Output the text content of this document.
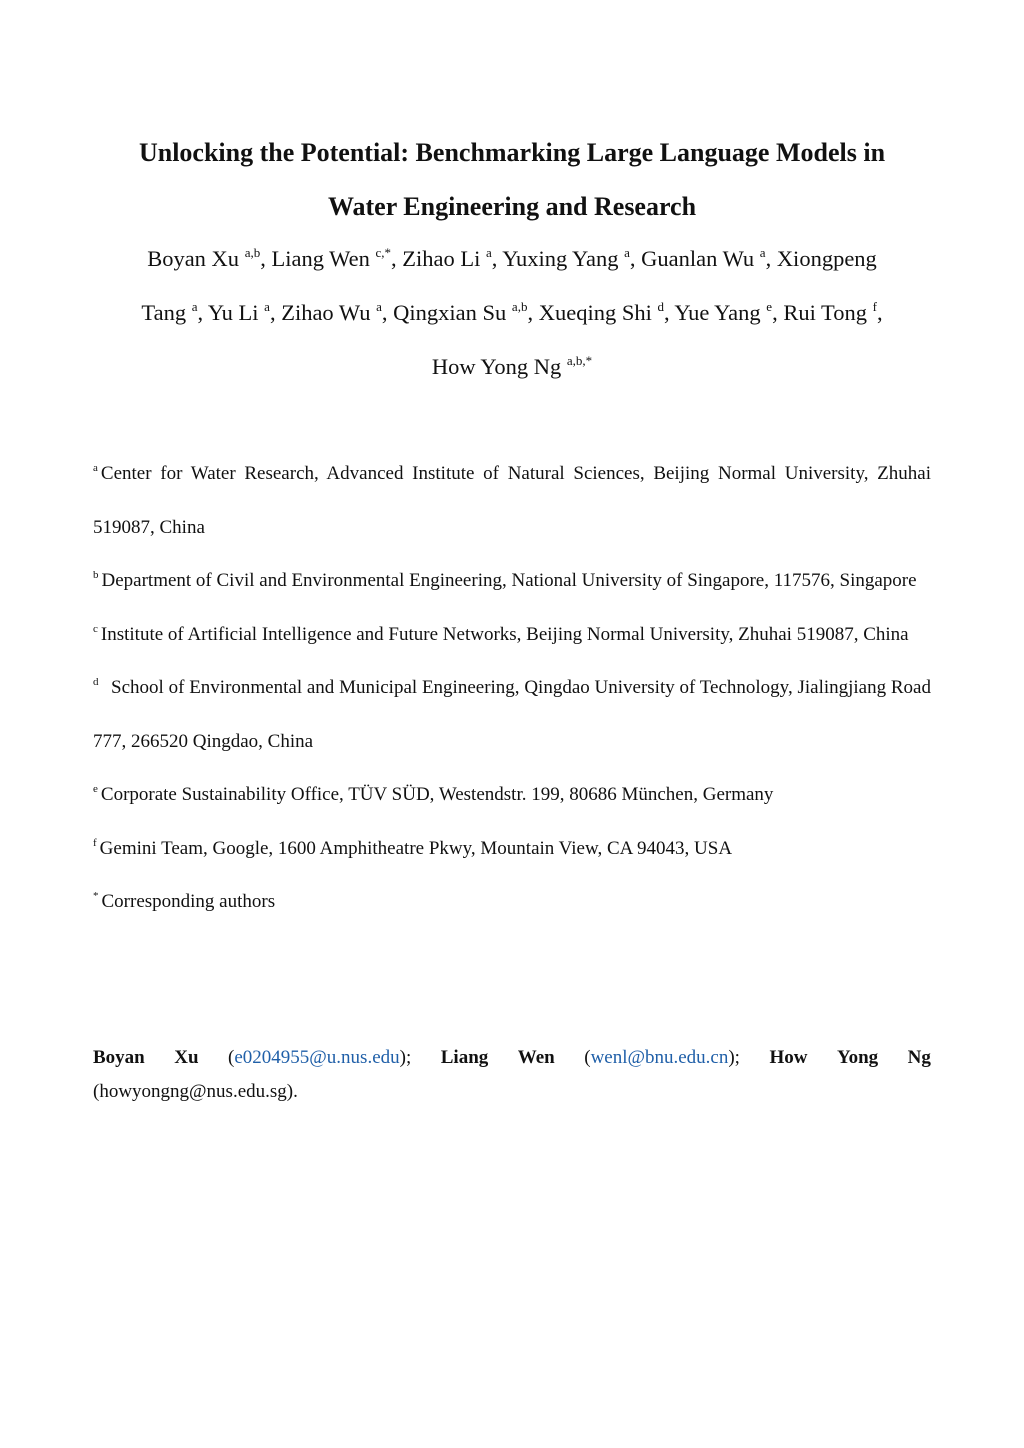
Unlocking the Potential: Benchmarking Large Language Models in
Water Engineering and Research

Boyan Xu $^{a,b}$, Liang Wen $^{c,*}$, Zihao Li $^a$, Yuxing Yang $^a$, Guanlan Wu $^a$, Xiongpeng
Tang $^a$, Yu Li $^a$, Zihao Wu $^a$, Qingxian Su $^{a,b}$, Xueqing Shi $^d$, Yue Yang $^e$, Rui Tong $^f$,
How Yong Ng $^{a,b,*}$

$^a$ Center for Water Research, Advanced Institute of Natural Sciences, Beijing Normal University, Zhuhai 519087, China

$^b$ Department of Civil and Environmental Engineering, National University of Singapore, 117576, Singapore

$^c$ Institute of Artificial Intelligence and Future Networks, Beijing Normal University, Zhuhai 519087, China

$^d$ School of Environmental and Municipal Engineering, Qingdao University of Technology, Jialingjiang Road 777, 266520 Qingdao, China

$^e$ Corporate Sustainability Office, TÜV SÜD, Westendstr. 199, 80686 München, Germany

$^f$ Gemini Team, Google, 1600 Amphitheatre Pkwy, Mountain View, CA 94043, USA

* Corresponding authors

Boyan Xu (e0204955@u.nus.edu); Liang Wen (wenl@bnu.edu.cn); How Yong Ng
(howyongng@nus.edu.sg).
